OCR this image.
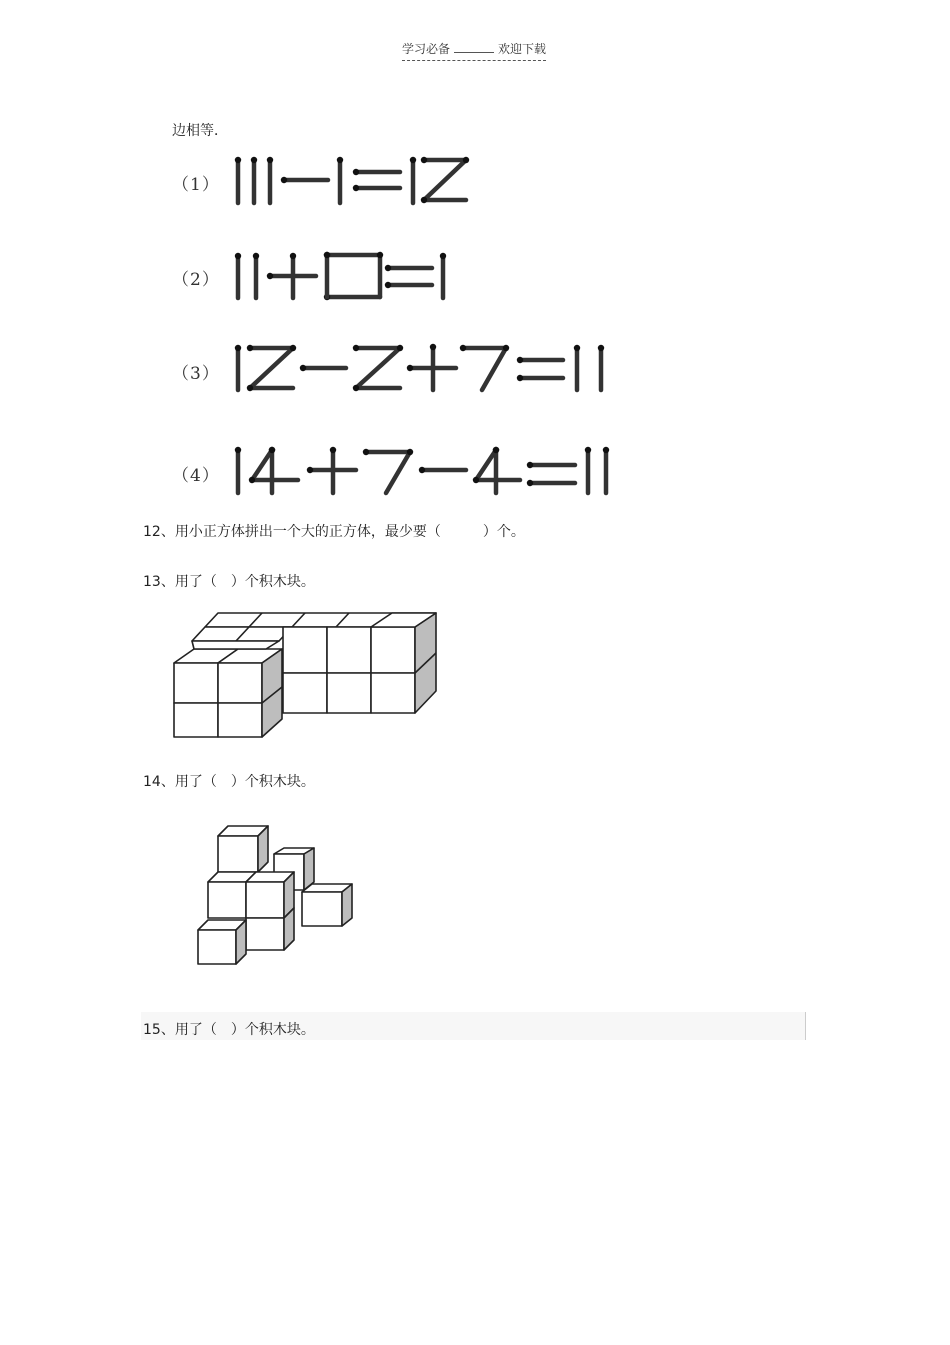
学习必备	欢迎下载
边相等．
（1）
（2）
（3）
（4）
12、用小正方体拼出一个大的正方体，最少要（　　　）个。
13、用了（　）个积木块。
14、用了（　）个积木块。
15、用了（　）个积木块。
